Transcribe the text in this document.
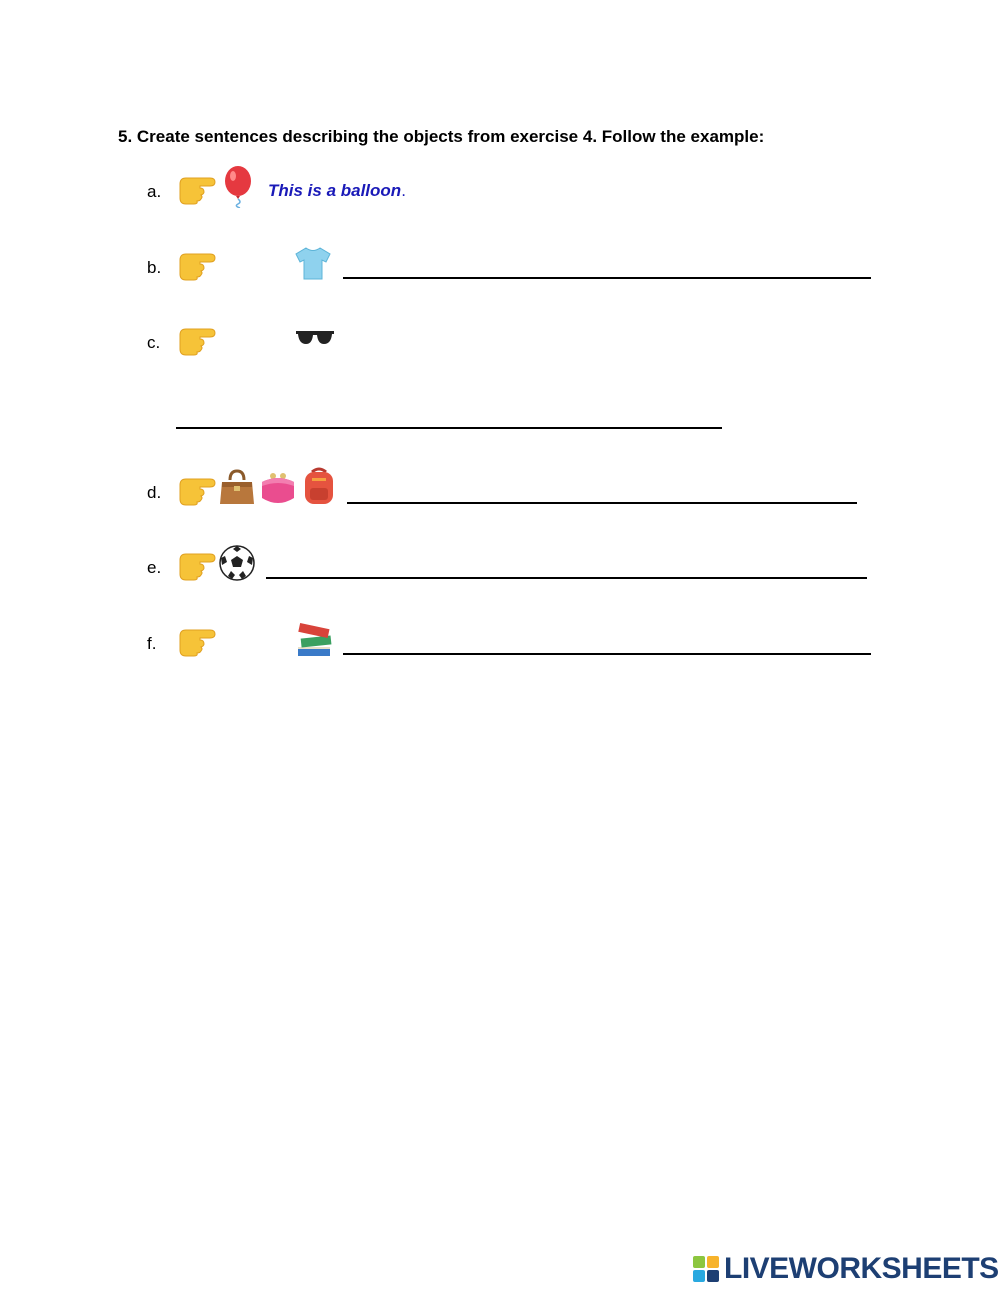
5. Create sentences describing the objects from exercise 4. Follow the example:
a.	This is a balloon.
b.
c.
d.
e.
f.
LIVEWORKSHEETS
